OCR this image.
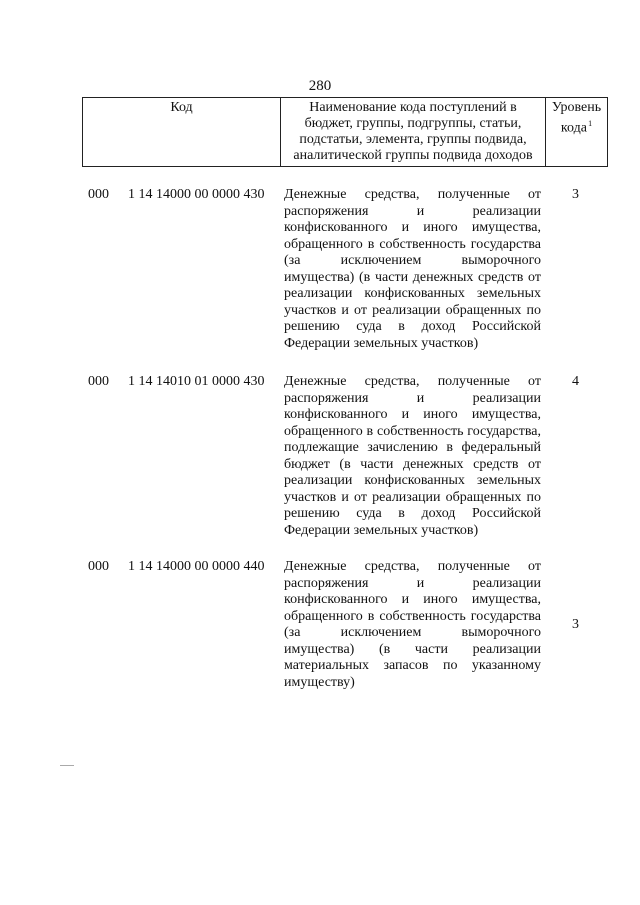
280
Код	Наименование кода поступлений в бюджет, группы, подгруппы, статьи, подстатьи, элемента, группы подвида, аналитической группы подвида доходов	Уровень кода $^1$
000 1 14 14000 00 0000 430 Денежные средства, полученные от распоряжения и реализации конфискованного и иного имущества, обращенного в собственность государства (за исключением выморочного имущества) (в части денежных средств от реализации конфискованных земельных участков и от реализации обращенных по решению суда в доход Российской Федерации земельных участков)
3
000 1 14 14010 01 0000 430 Денежные средства, полученные от распоряжения и реализации конфискованного и иного имущества, обращенного в собственность государства, подлежащие зачислению в федеральный бюджет (в части денежных средств от реализации конфискованных земельных участков и от реализации обращенных по решению суда в доход Российской Федерации земельных участков)
4
000 1 14 14000 00 0000 440 Денежные средства, полученные от распоряжения и реализации конфискованного и иного имущества, обращенного в собственность государства (за исключением выморочного имущества) (в части реализации материальных запасов по указанному имуществу)
3
